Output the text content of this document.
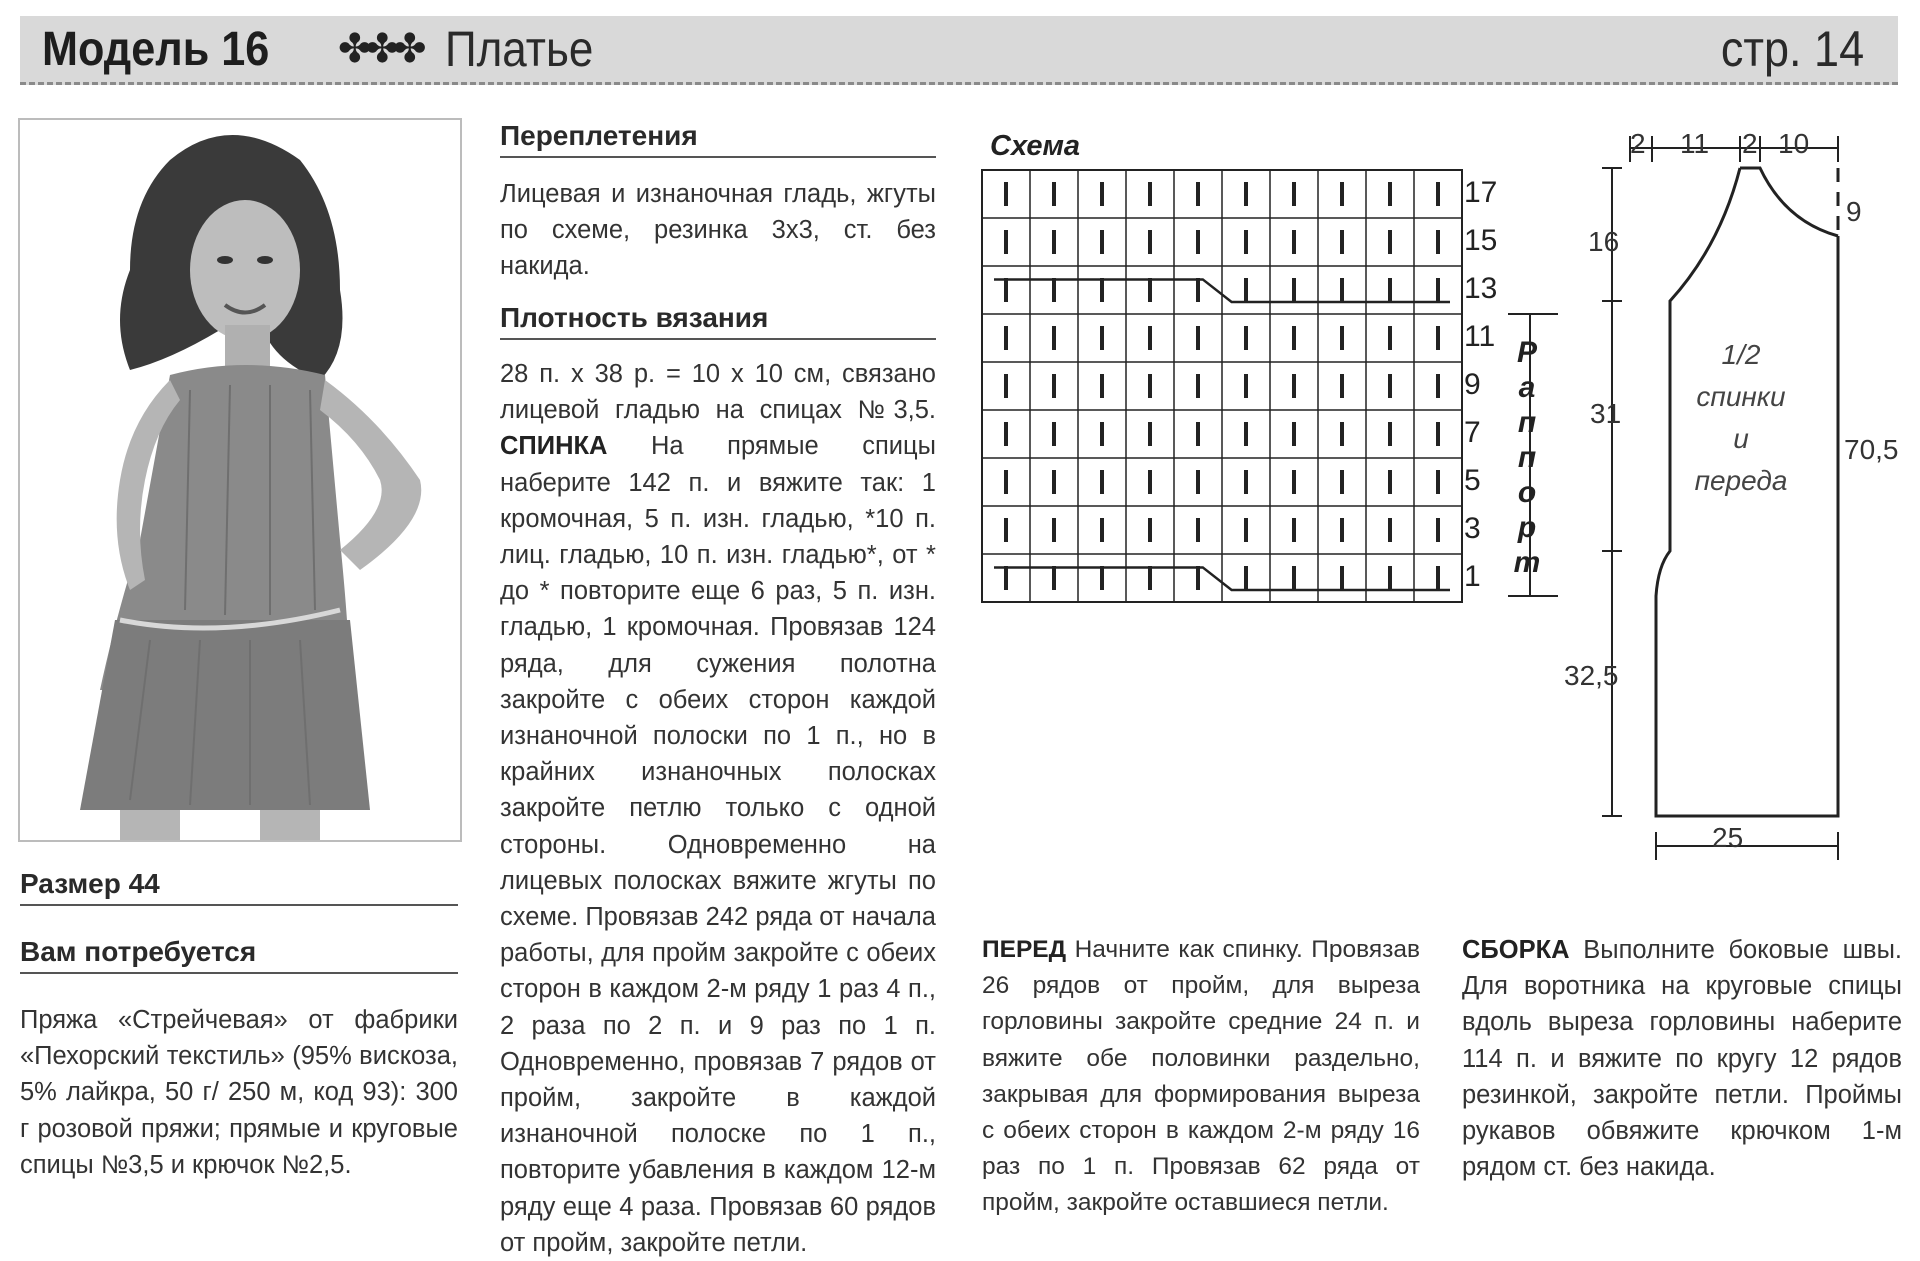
Модель 16 ✤✤✤ Платье	стр. 14
Размер 44
Вам потребуется
Пряжа «Стрейчевая» от фабрики «Пехорский текстиль» (95% вискоза, 5% лайкра, 50 г/ 250 м, код 93): 300 г розовой пряжи; прямые и круговые спицы №3,5 и крючок №2,5.
Переплетения
Лицевая и изнаночная гладь, жгуты по схеме, резинка 3х3, ст. без накида.
Плотность вязания
28 п. х 38 р. = 10 х 10 см, связано лицевой гладью на спицах №3,5. СПИНКА На прямые спицы наберите 142 п. и вяжите так: 1 кромочная, 5 п. изн. гладью, *10 п. лиц. гладью, 10 п. изн. гладью*, от * до * повторите еще 6 раз, 5 п. изн. гладью, 1 кромочная. Провязав 124 ряда, для сужения полотна закройте с обеих сторон каждой изнаночной полоски по 1 п., но в крайних изнаночных полосках закройте петлю только с одной стороны. Одновременно на лицевых полосках вяжите жгуты по схеме. Провязав 242 ряда от начала работы, для пройм закройте с обеих сторон в каждом 2-м ряду 1 раз 4 п., 2 раза по 2 п. и 9 раз по 1 п. Одновременно, провязав 7 рядов от пройм, закройте в каждой изнаночной полоске по 1 п., повторите убавления в каждом 12-м ряду еще 4 раза. Провязав 60 рядов от пройм, закройте петли.
Схема
17
15
13
11
9
7
5
3
1
Р
а
п
п
о
р
т
2 11 2 10
9
16
31
32,5
70,5
25
1/2
спинки
и
переда
ПЕРЕД Начните как спинку. Провязав 26 рядов от пройм, для выреза горловины закройте средние 24 п. и вяжите обе половинки раздельно, закрывая для формирования выреза с обеих сторон в каждом 2-м ряду 16 раз по 1 п. Провязав 62 ряда от пройм, закройте оставшиеся петли.
СБОРКА Выполните боковые швы. Для воротника на круговые спицы вдоль выреза горловины наберите 114 п. и вяжите по кругу 12 рядов резинкой, закройте петли. Проймы рукавов обвяжите крючком 1-м рядом ст. без накида.
